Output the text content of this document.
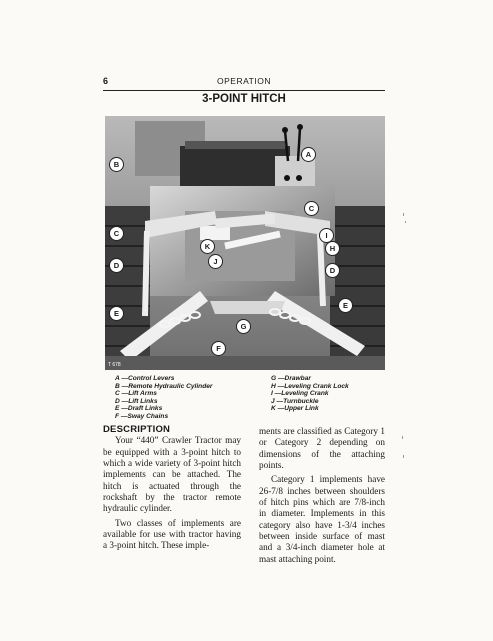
6	OPERATION
3-POINT HITCH
T 678
B
C
D
E
A
C
I
H
D
E
K
J
G
F
A —Control Levers
B —Remote Hydraulic Cylinder
C —Lift Arms
D —Lift Links
E —Draft Links
F —Sway Chains
G —Drawbar
H —Leveling Crank Lock
I —Leveling Crank
J —Turnbuckle
K —Upper Link

DESCRIPTION

Your “440” Crawler Tractor may be equipped with a 3-point hitch to which a wide variety of 3-point hitch implements can be attached. The hitch is actuated through the rockshaft by the tractor remote hydraulic cylinder.

Two classes of implements are available for use with tractor having a 3-point hitch. These imple-

ments are classified as Category 1 or Category 2 depending on dimensions of the attaching points.

Category 1 implements have 26-7/8 inches between shoulders of hitch pins which are 7/8-inch in diameter. Implements in this category also have 1-3/4 inches between inside surface of mast and a 3/4-inch diameter hole at mast attaching point.
